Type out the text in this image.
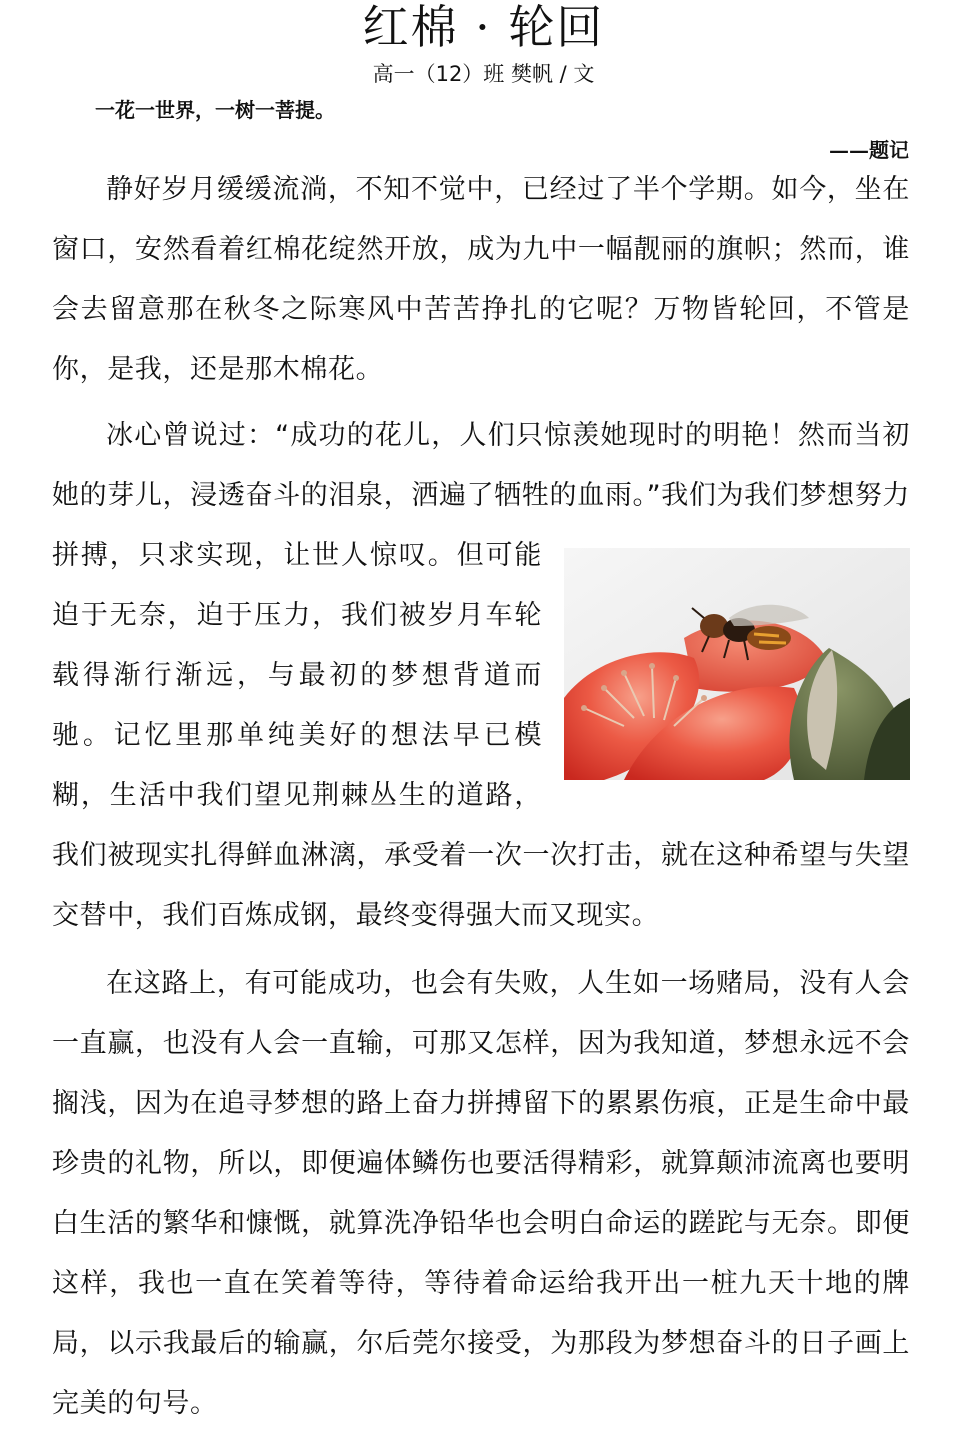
红棉 · 轮回
高一（12）班 樊帆 / 文
一花一世界，一树一菩提。
——题记

静好岁月缓缓流淌，不知不觉中，已经过了半个学期。如今，坐在窗口，安然看着红棉花绽然开放，成为九中一幅靓丽的旗帜；然而，谁会去留意那在秋冬之际寒风中苦苦挣扎的它呢？万物皆轮回，不管是你，是我，还是那木棉花。

冰心曾说过：“成功的花儿，人们只惊羡她现时的明艳！然而当初她的芽儿，浸透奋斗的泪泉，洒遍了牺牲的血雨。”我们为我们梦想努
力拼搏，只求实现，让世人惊叹。但可能迫于无奈，迫于压力，我们被岁月车轮载得渐行渐远，与最初的梦想背道而驰。记忆里那单纯美好的想法早已模糊，生活中我们望见荆棘丛生的道路，我们被现实扎得鲜血淋漓，承受着一次一次打击，就在这种希望与失望交替中，我们百炼成钢，最终变得强大而又现实。

在这路上，有可能成功，也会有失败，人生如一场赌局，没有人会一直赢，也没有人会一直输，可那又怎样，因为我知道，梦想永远不会搁浅，因为在追寻梦想的路上奋力拼搏留下的累累伤痕，正是生命中最珍贵的礼物，所以，即便遍体鳞伤也要活得精彩，就算颠沛流离也要明白生活的繁华和慷慨，就算洗净铅华也会明白命运的蹉跎与无奈。即便这样，我也一直在笑着等待，等待着命运给我开出一桩九天十地的牌局，以示我最后的输赢，尔后莞尔接受，为那段为梦想奋斗的日子画上完美的句号。
